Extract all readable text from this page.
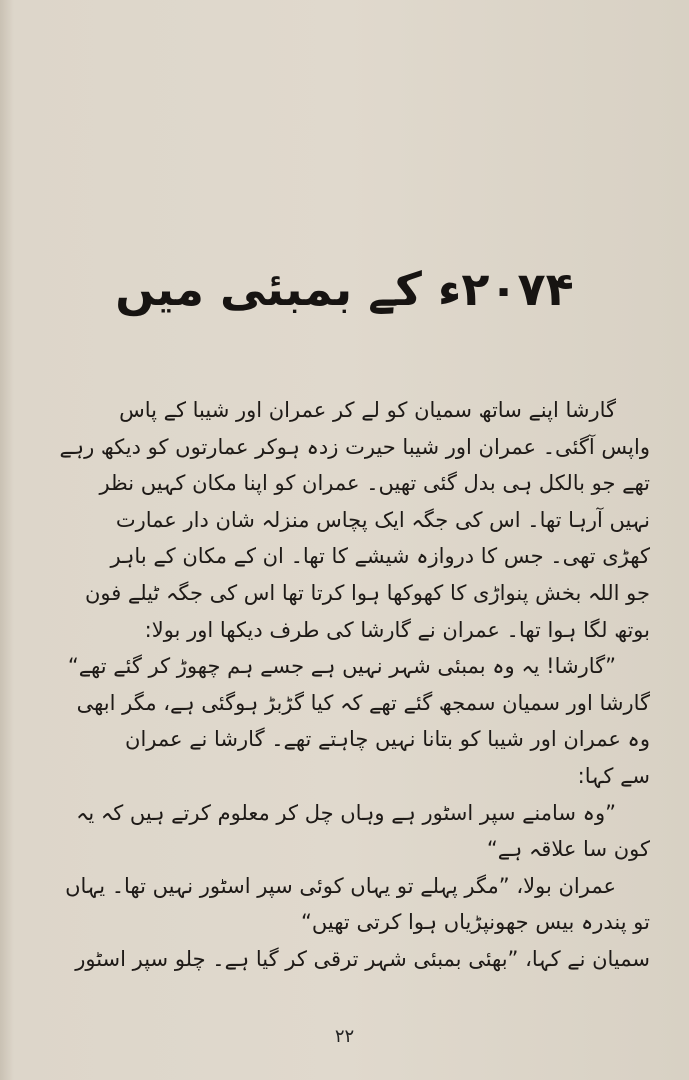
۲۰۷۴ء کے بمبئی میں
گارشا اپنے ساتھ سمیان کو لے کر عمران اور شیبا کے پاس
واپس آگئی۔ عمران اور شیبا حیرت زدہ ہوکر عمارتوں کو دیکھ رہے
تھے جو بالکل ہی بدل گئی تھیں۔ عمران کو اپنا مکان کہیں نظر
نہیں آرہا تھا۔ اس کی جگہ ایک پچاس منزلہ شان دار عمارت
کھڑی تھی۔ جس کا دروازہ شیشے کا تھا۔ ان کے مکان کے باہر
جو اللہ بخش پنواڑی کا کھوکھا ہوا کرتا تھا اس کی جگہ ٹیلے فون
بوتھ لگا ہوا تھا۔ عمران نے گارشا کی طرف دیکھا اور بولا:
”گارشا! یہ وہ بمبئی شہر نہیں ہے جسے ہم چھوڑ کر گئے تھے“
گارشا اور سمیان سمجھ گئے تھے کہ کیا گڑبڑ ہوگئی ہے، مگر ابھی
وہ عمران اور شیبا کو بتانا نہیں چاہتے تھے۔ گارشا نے عمران
سے کہا:
”وہ سامنے سپر اسٹور ہے وہاں چل کر معلوم کرتے ہیں کہ یہ
کون سا علاقہ ہے“
عمران بولا، ”مگر پہلے تو یہاں کوئی سپر اسٹور نہیں تھا۔ یہاں
تو پندرہ بیس جھونپڑیاں ہوا کرتی تھیں“
سمیان نے کہا، ”بھئی بمبئی شہر ترقی کر گیا ہے۔ چلو سپر اسٹور
۲۲
